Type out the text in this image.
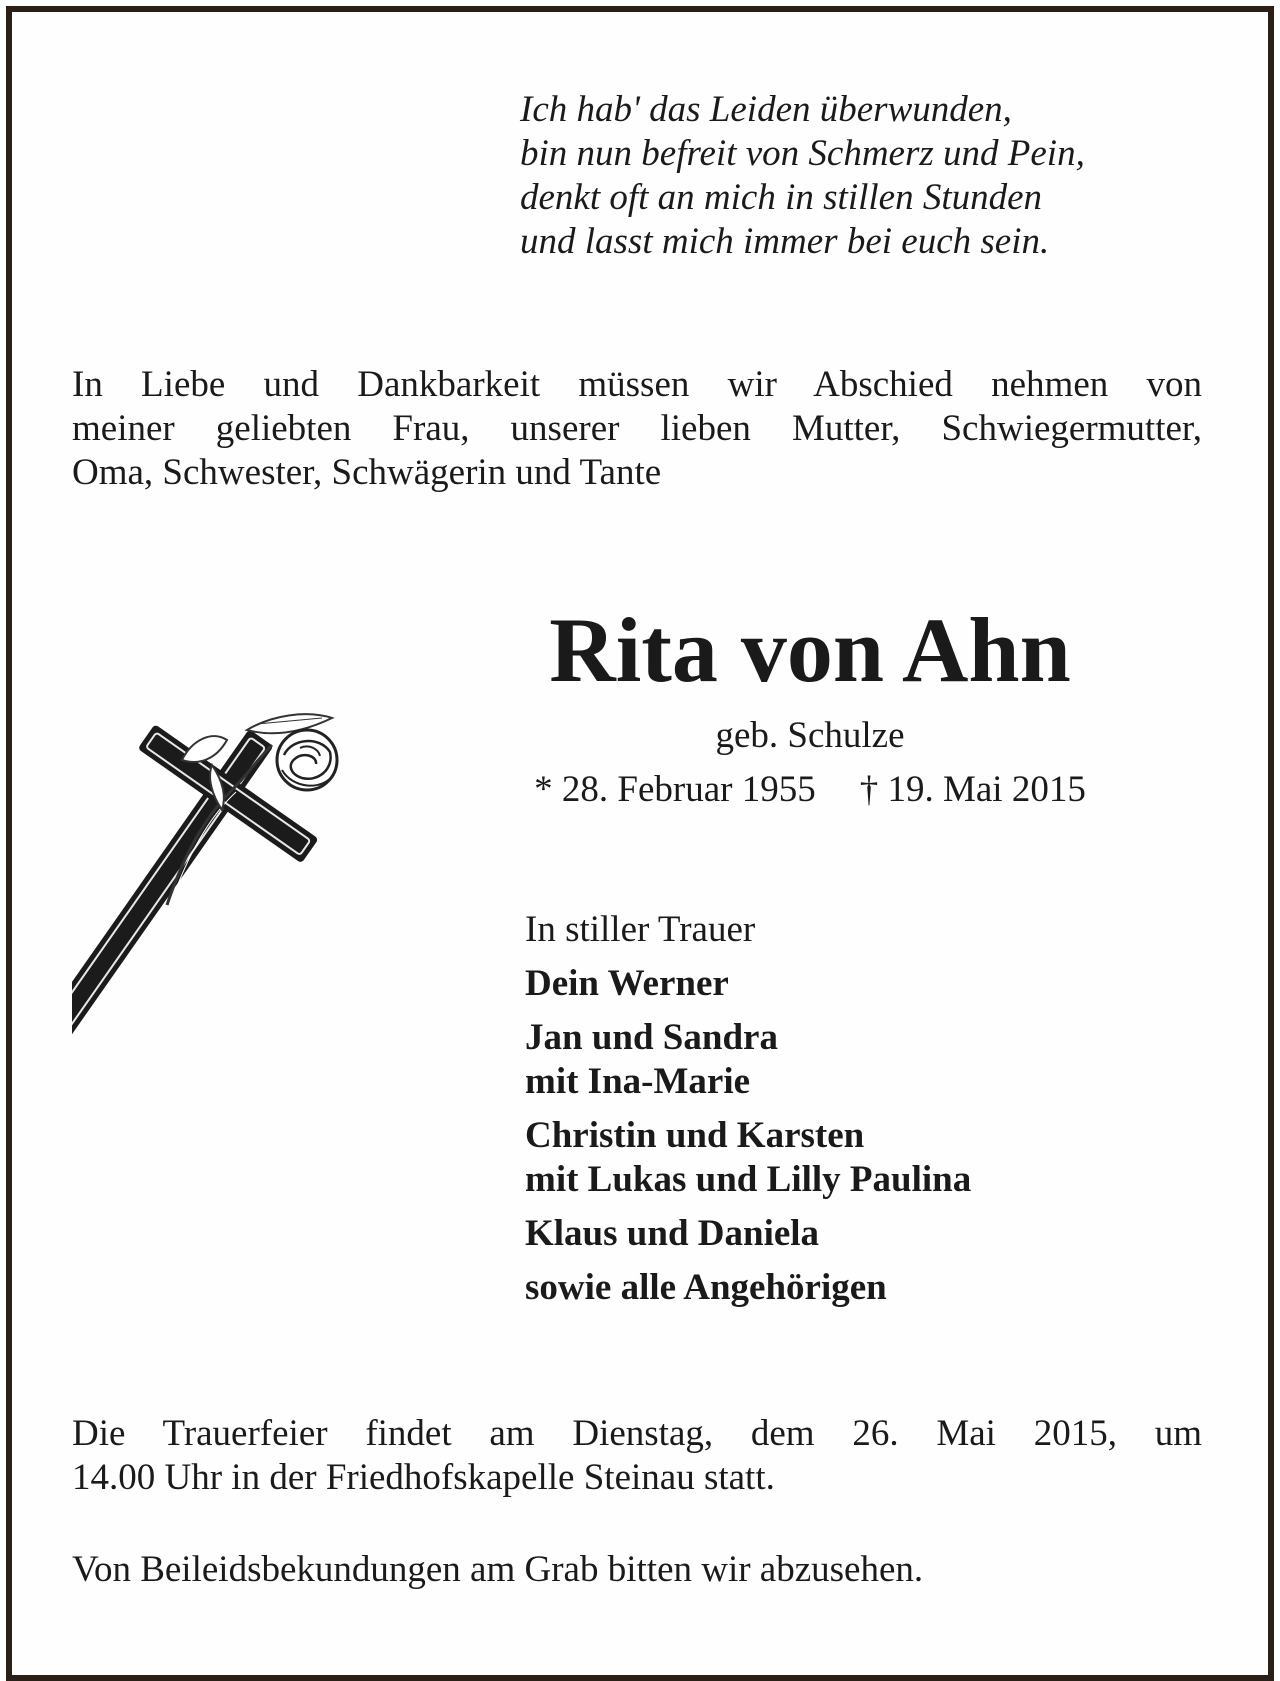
Ich hab' das Leiden überwunden,
bin nun befreit von Schmerz und Pein,
denkt oft an mich in stillen Stunden
und lasst mich immer bei euch sein.
In Liebe und Dankbarkeit müssen wir Abschied nehmen von
meiner geliebten Frau, unserer lieben Mutter, Schwiegermutter,
Oma, Schwester, Schwägerin und Tante
Rita von Ahn
geb. Schulze
* 28. Februar 1955 † 19. Mai 2015
In stiller Trauer
Dein Werner
Jan und Sandra
mit Ina-Marie
Christin und Karsten
mit Lukas und Lilly Paulina
Klaus und Daniela
sowie alle Angehörigen
Die Trauerfeier findet am Dienstag, dem 26. Mai 2015, um
14.00 Uhr in der Friedhofskapelle Steinau statt.
Von Beileidsbekundungen am Grab bitten wir abzusehen.
